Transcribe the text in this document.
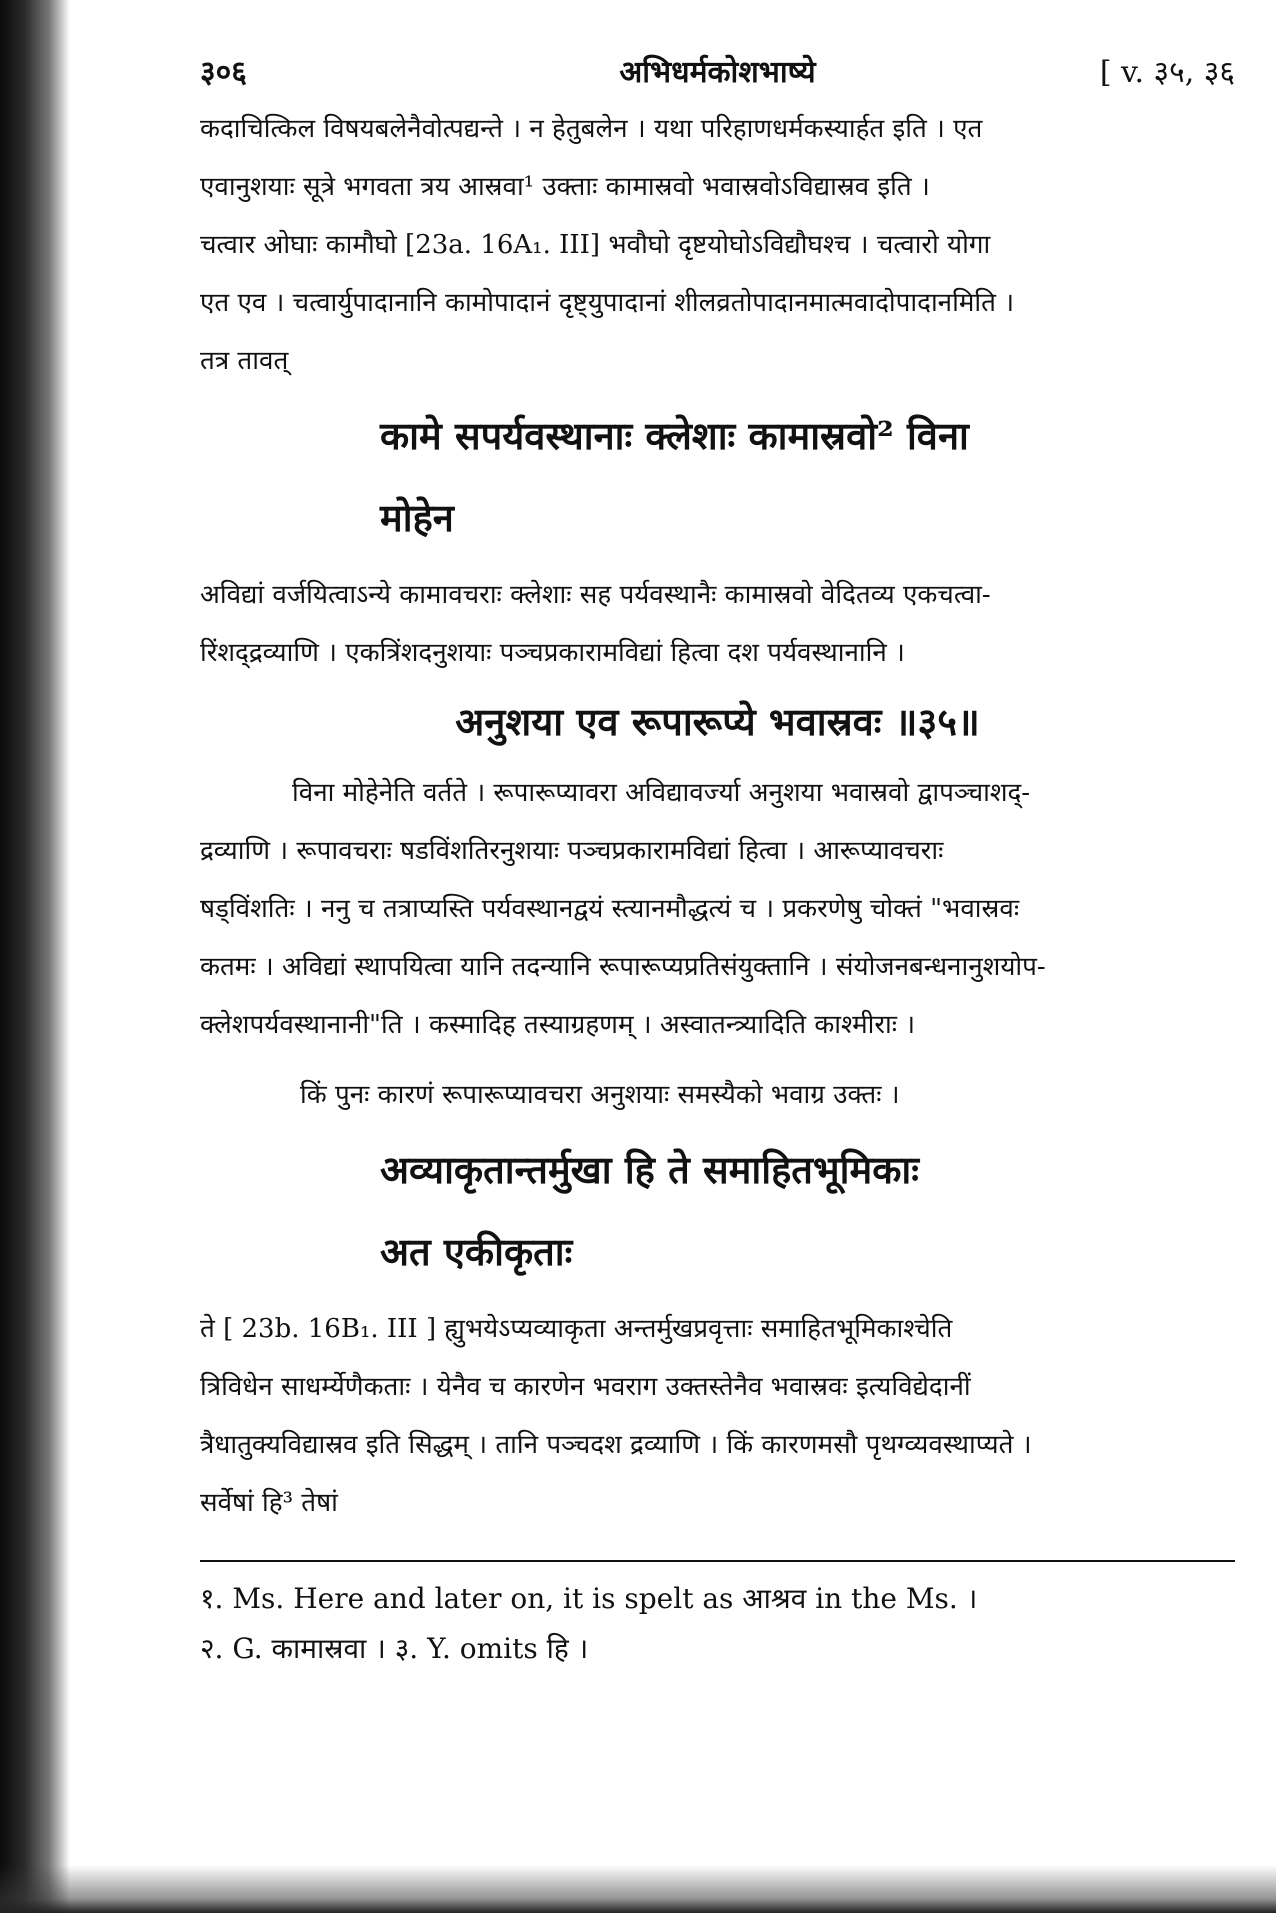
३०६	अभिधर्मकोशभाष्ये	[ v. ३५, ३६
कदाचित्किल विषयबलेनैवोत्पद्यन्ते । न हेतुबलेन । यथा परिहाणधर्मकस्यार्हत इति । एत
एवानुशयाः सूत्रे भगवता त्रय आस्रवा¹ उक्ताः कामास्रवो भवास्रवोऽविद्यास्रव इति ।
चत्वार ओघाः कामौघो [23a. 16A₁. III] भवौघो दृष्टयोघोऽविद्यौघश्च । चत्वारो योगा
एत एव । चत्वार्युपादानानि कामोपादानं दृष्ट्युपादानां शीलव्रतोपादानमात्मवादोपादानमिति ।
तत्र तावत्
कामे सपर्यवस्थानाः क्लेशाः कामास्रवो² विना
मोहेन
अविद्यां वर्जयित्वाऽन्ये कामावचराः क्लेशाः सह पर्यवस्थानैः कामास्रवो वेदितव्य एकचत्वा-
रिंशद्द्रव्याणि । एकत्रिंशदनुशयाः पञ्चप्रकारामविद्यां हित्वा दश पर्यवस्थानानि ।
अनुशया एव रूपारूप्ये भवास्रवः ॥३५॥
विना मोहेनेति वर्तते । रूपारूप्यावरा अविद्यावर्ज्या अनुशया भवास्रवो द्वापञ्चाशद्-
द्रव्याणि । रूपावचराः षडविंशतिरनुशयाः पञ्चप्रकारामविद्यां हित्वा । आरूप्यावचराः
षड्विंशतिः । ननु च तत्राप्यस्ति पर्यवस्थानद्वयं स्त्यानमौद्धत्यं च । प्रकरणेषु चोक्तं "भवास्रवः
कतमः । अविद्यां स्थापयित्वा यानि तदन्यानि रूपारूप्यप्रतिसंयुक्तानि । संयोजनबन्धनानुशयोप-
क्लेशपर्यवस्थानानी"ति । कस्मादिह तस्याग्रहणम् । अस्वातन्त्र्यादिति काश्मीराः ।
किं पुनः कारणं रूपारूप्यावचरा अनुशयाः समस्यैको भवाग्र उक्तः ।
अव्याकृतान्तर्मुखा हि ते समाहितभूमिकाः
अत एकीकृताः
ते [ 23b. 16B₁. III ] ह्युभयेऽप्यव्याकृता अन्तर्मुखप्रवृत्ताः समाहितभूमिकाश्चेति
त्रिविधेन साधर्म्येणैकताः । येनैव च कारणेन भवराग उक्तस्तेनैव भवास्रवः इत्यविद्येदानीं
त्रैधातुक्यविद्यास्रव इति सिद्धम् । तानि पञ्चदश द्रव्याणि । किं कारणमसौ पृथग्व्यवस्थाप्यते ।
सर्वेषां हि³ तेषां
१. Ms. Here and later on, it is spelt as आश्रव in the Ms. ।
२. G. कामास्रवा । ३. Y. omits हि ।
